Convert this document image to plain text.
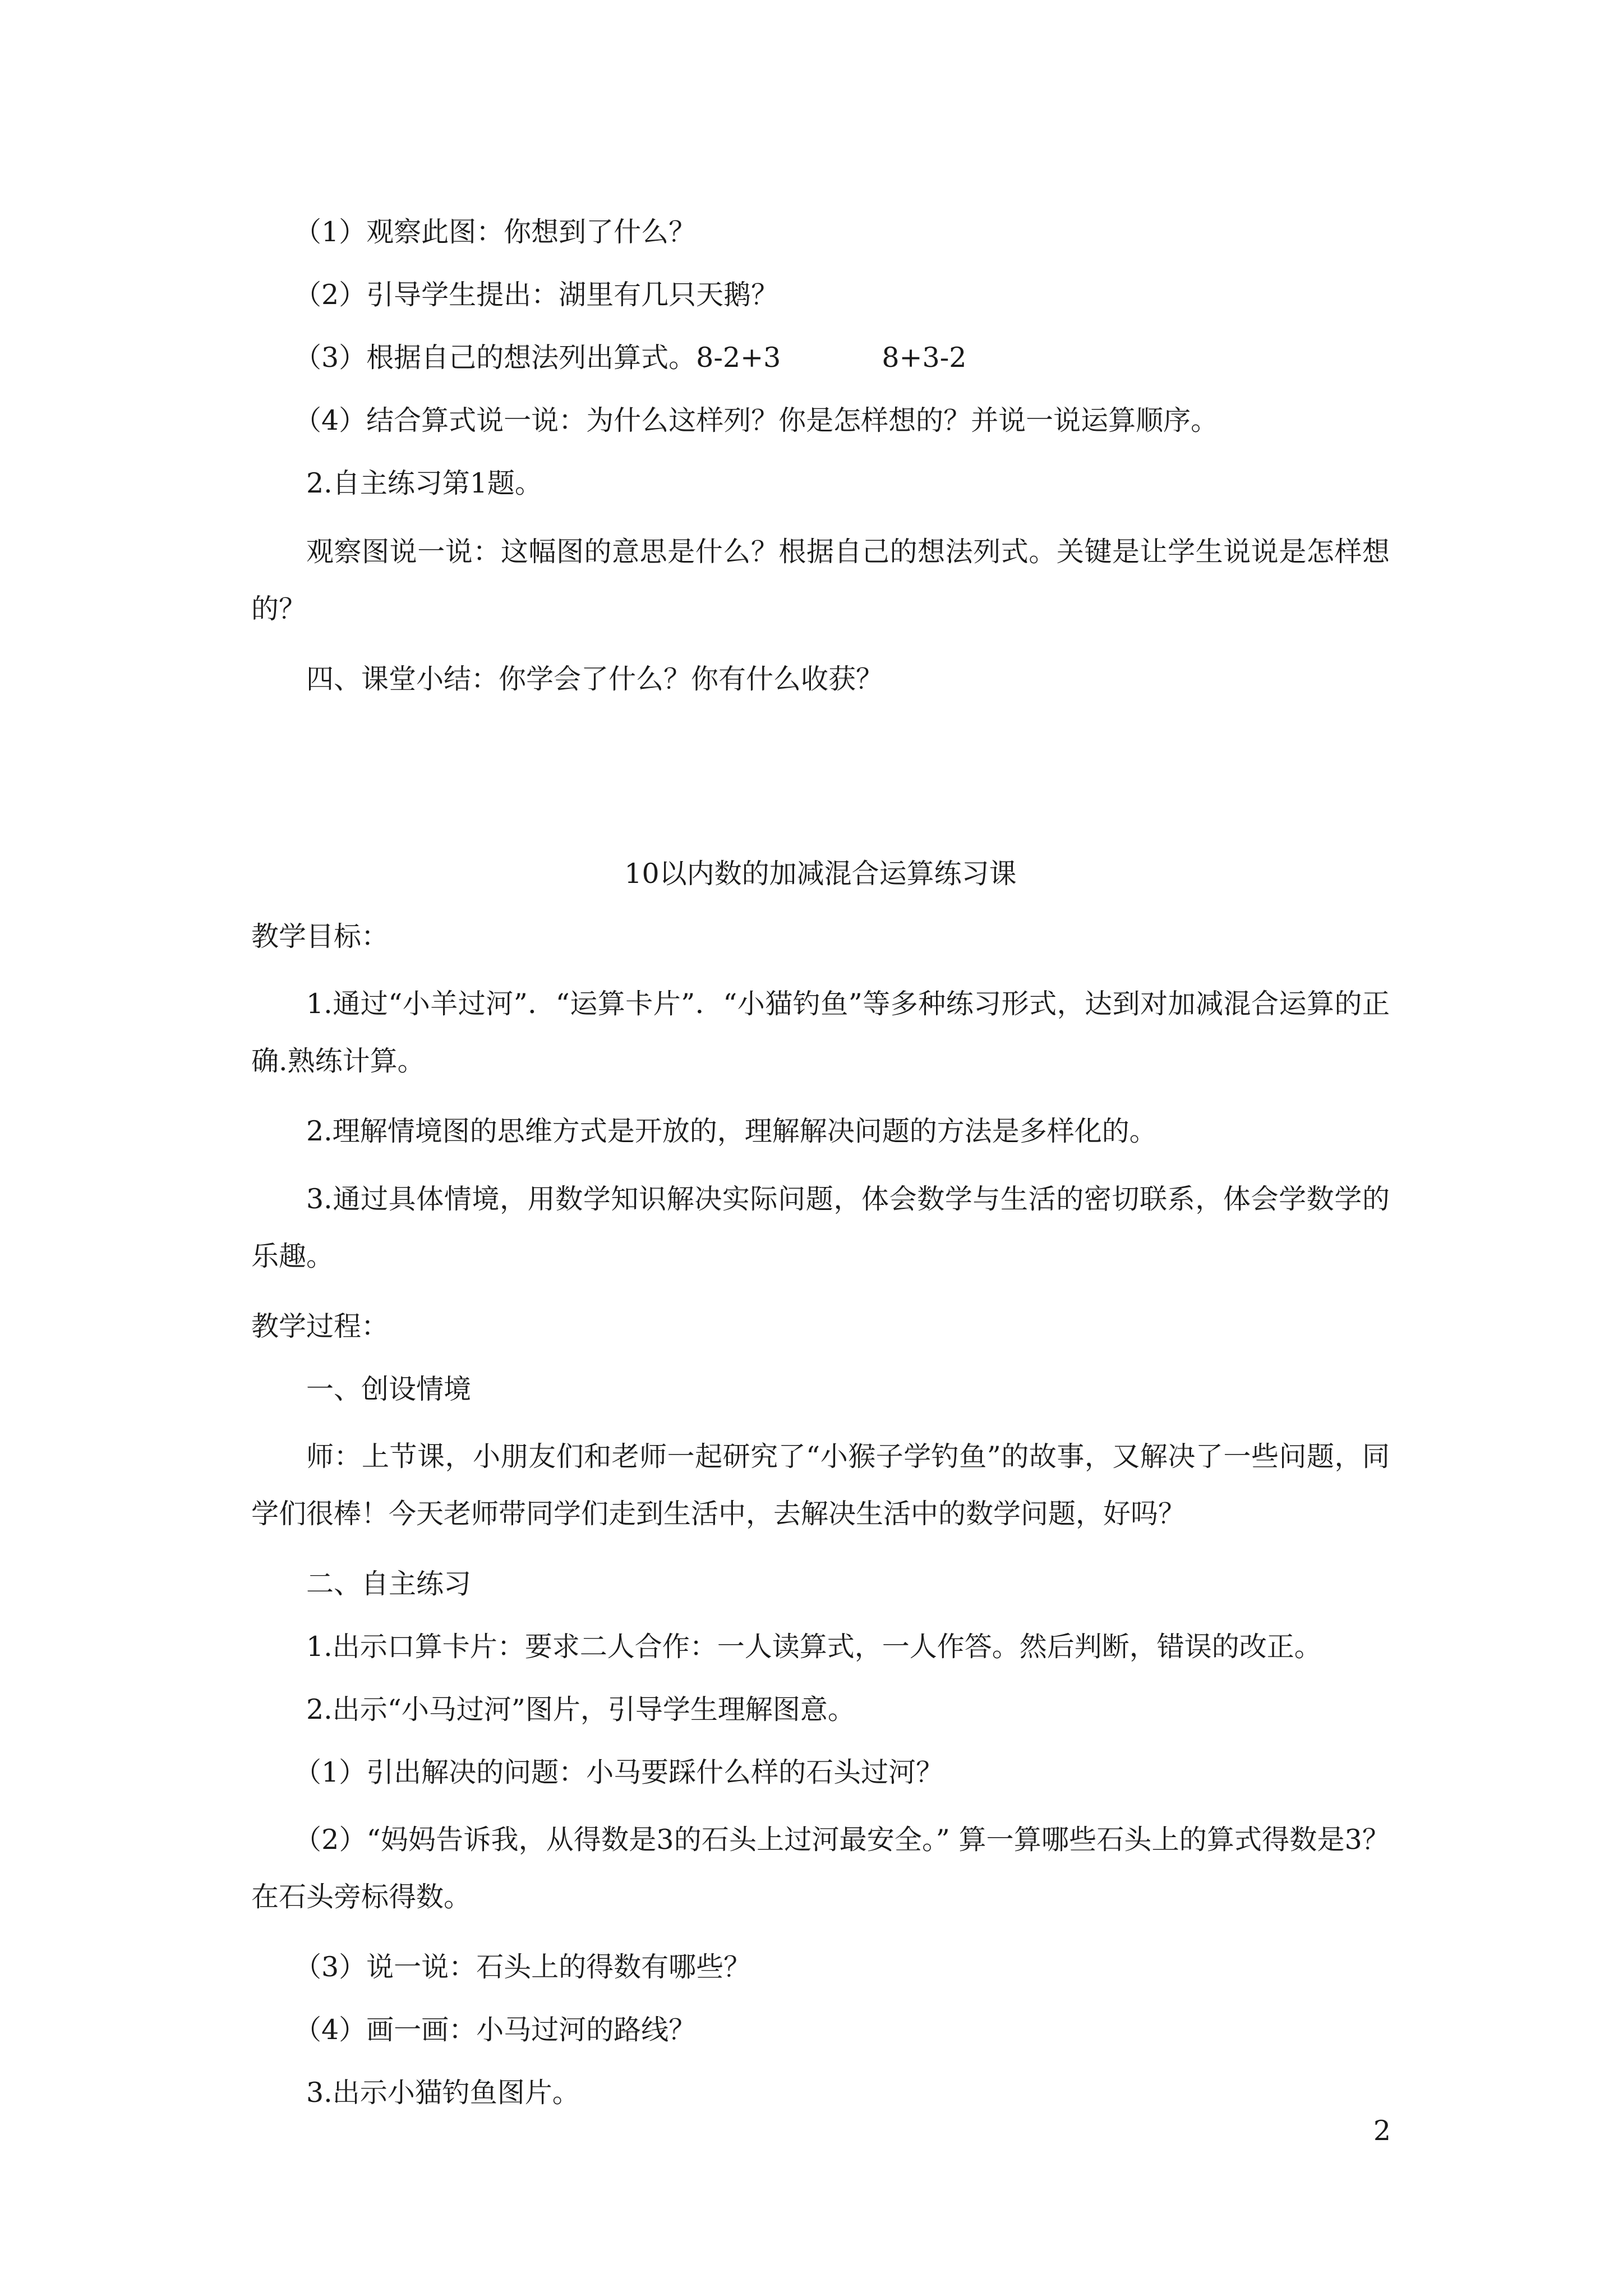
（1）观察此图：你想到了什么？

（2）引导学生提出：湖里有几只天鹅？

（3）根据自己的想法列出算式。8-2+3	8+3-2

（4）结合算式说一说：为什么这样列？你是怎样想的？并说一说运算顺序。

2.自主练习第1题。

观察图说一说：这幅图的意思是什么？根据自己的想法列式。关键是让学生说说是怎样想的？

四、课堂小结：你学会了什么？你有什么收获？

10以内数的加减混合运算练习课

教学目标：

1.通过“小羊过河”．“运算卡片”．“小猫钓鱼”等多种练习形式，达到对加减混合运算的正确.熟练计算。

2.理解情境图的思维方式是开放的，理解解决问题的方法是多样化的。

3.通过具体情境，用数学知识解决实际问题，体会数学与生活的密切联系，体会学数学的乐趣。

教学过程：

一、创设情境

师：上节课，小朋友们和老师一起研究了“小猴子学钓鱼”的故事，又解决了一些问题，同学们很棒！今天老师带同学们走到生活中，去解决生活中的数学问题，好吗？

二、自主练习

1.出示口算卡片：要求二人合作：一人读算式，一人作答。然后判断，错误的改正。

2.出示“小马过河”图片，引导学生理解图意。

（1）引出解决的问题：小马要踩什么样的石头过河？

（2）“妈妈告诉我，从得数是3的石头上过河最安全。” 算一算哪些石头上的算式得数是3？在石头旁标得数。

（3）说一说：石头上的得数有哪些？

（4）画一画：小马过河的路线？

3.出示小猫钓鱼图片。

2
